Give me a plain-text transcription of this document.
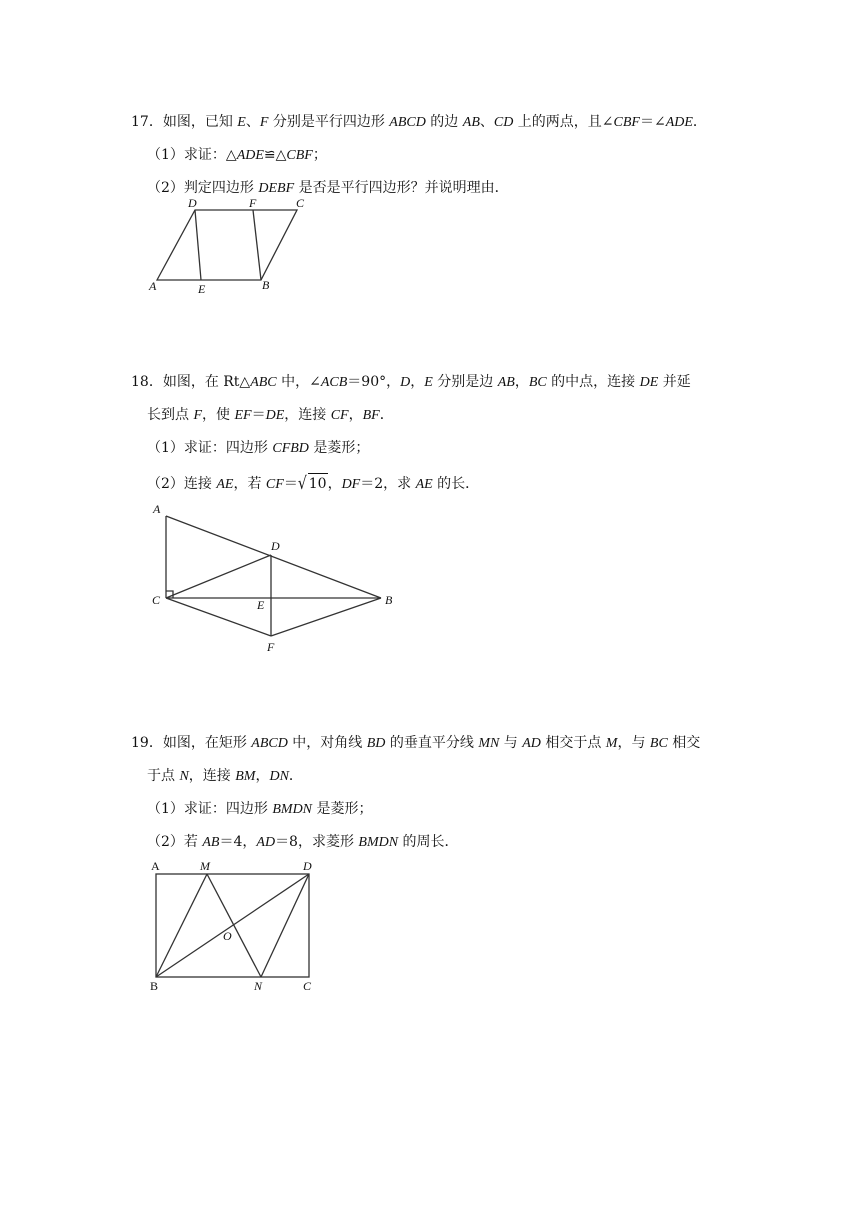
17．如图，已知 E、F 分别是平行四边形 ABCD 的边 AB、CD 上的两点，且∠CBF＝∠ADE．
（1）求证：△ADE≌△CBF；
（2）判定四边形 DEBF 是否是平行四边形？并说明理由．
A	E	B
D	F	C
18．如图，在 Rt△ABC 中，∠ACB＝90°，D，E 分别是边 AB，BC 的中点，连接 DE 并延
长到点 F，使 EF＝DE，连接 CF，BF．
（1）求证：四边形 CFBD 是菱形；
（2）连接 AE，若 CF＝√ 10，DF＝2，求 AE 的长．
A
D
C	E	B
F
19．如图，在矩形 ABCD 中，对角线 BD 的垂直平分线 MN 与 AD 相交于点 M，与 BC 相交
于点 N，连接 BM，DN．
（1）求证：四边形 BMDN 是菱形；
（2）若 AB＝4，AD＝8，求菱形 BMDN 的周长．
A	M	D
O
B	N	C
